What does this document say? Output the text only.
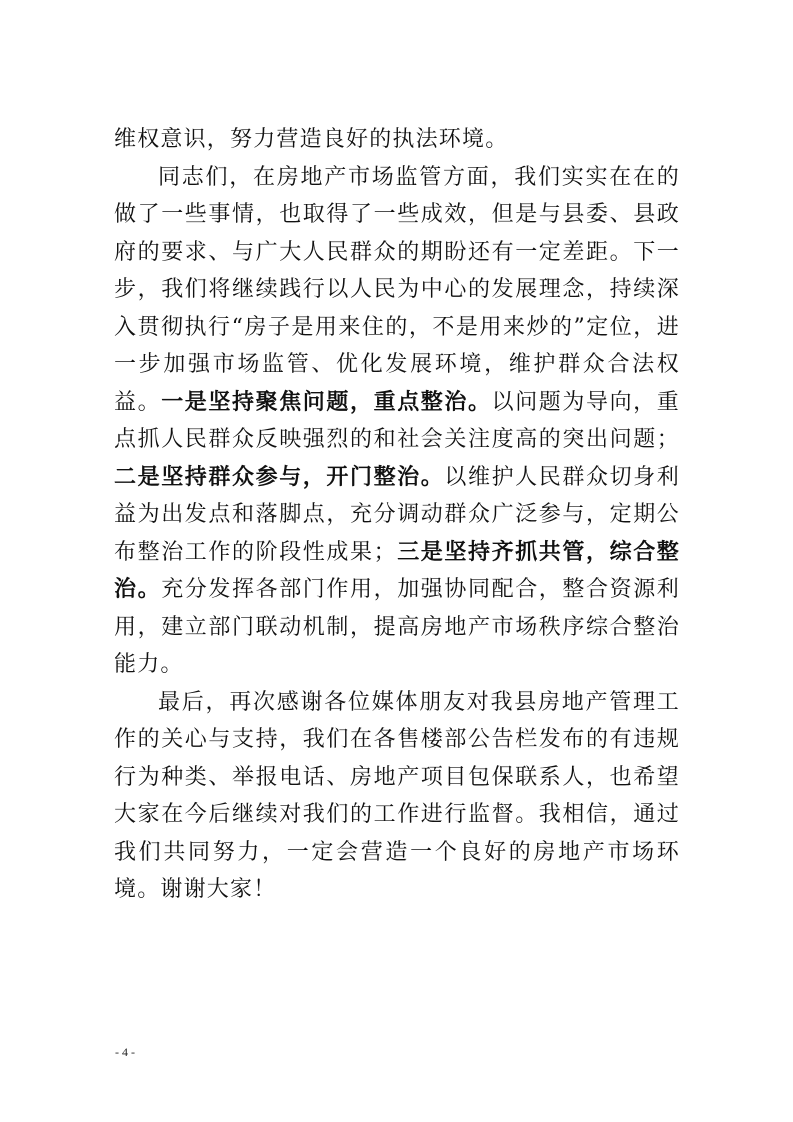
维权意识，努力营造良好的执法环境。

同志们，在房地产市场监管方面，我们实实在在的做了一些事情，也取得了一些成效，但是与县委、县政府的要求、与广大人民群众的期盼还有一定差距。下一步，我们将继续践行以人民为中心的发展理念，持续深入贯彻执行“房子是用来住的，不是用来炒的”定位，进一步加强市场监管、优化发展环境，维护群众合法权益。一是坚持聚焦问题，重点整治。以问题为导向，重点抓人民群众反映强烈的和社会关注度高的突出问题；二是坚持群众参与，开门整治。以维护人民群众切身利益为出发点和落脚点，充分调动群众广泛参与，定期公布整治工作的阶段性成果；三是坚持齐抓共管，综合整治。充分发挥各部门作用，加强协同配合，整合资源利用，建立部门联动机制，提高房地产市场秩序综合整治能力。

最后，再次感谢各位媒体朋友对我县房地产管理工作的关心与支持，我们在各售楼部公告栏发布的有违规行为种类、举报电话、房地产项目包保联系人，也希望大家在今后继续对我们的工作进行监督。我相信，通过我们共同努力，一定会营造一个良好的房地产市场环境。谢谢大家！

- 4 -
